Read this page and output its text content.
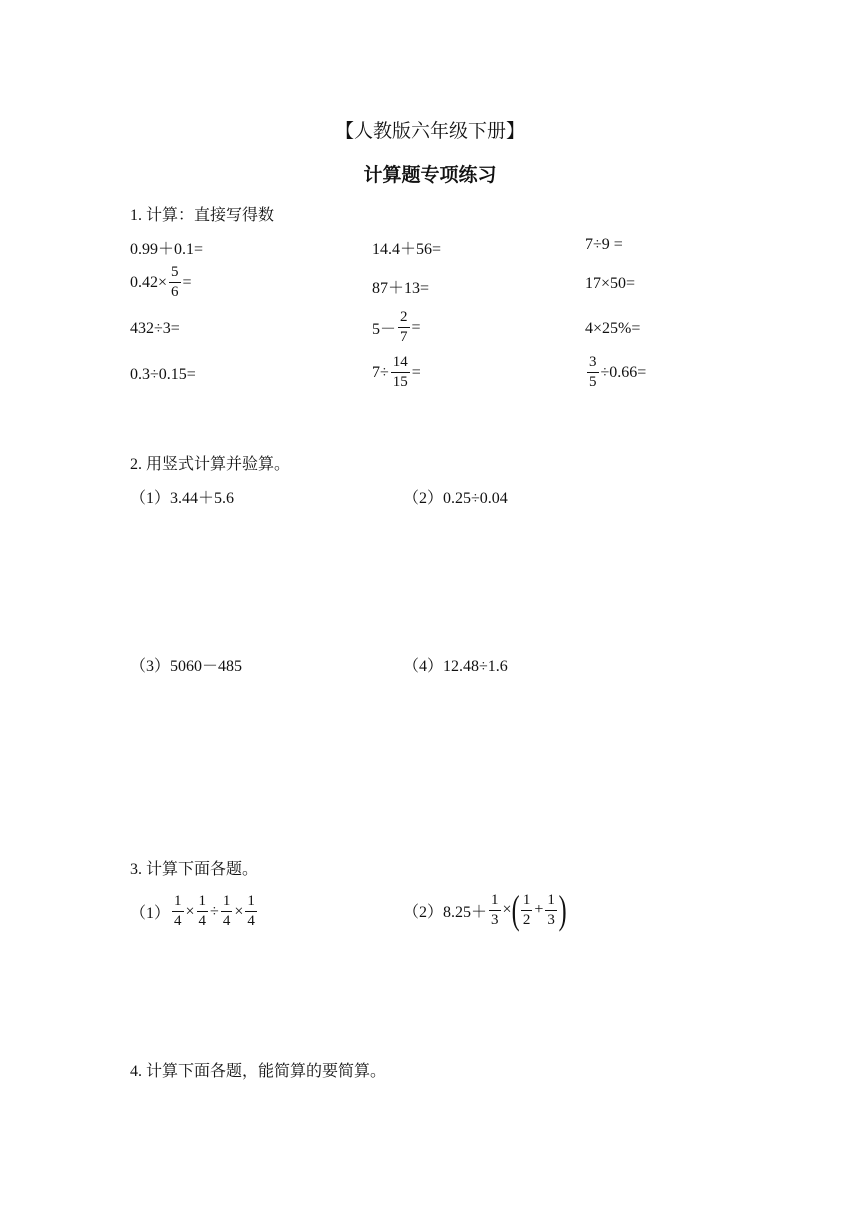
【人教版六年级下册】
计算题专项练习
1. 计算：直接写得数
0.99＋0.1=	14.4＋56=	7÷9 =
$0.42\times \frac{5}{6}$ =	87＋13=	17×50=
432÷3=	$5- \frac{2}{7}$ =	4×25%=
0.3÷0.15=	$7\div \frac{14}{15}$ =	$\frac{3}{5} \div 0.66=$
2. 用竖式计算并验算。
（1）3.44＋5.6	（2）0.25÷0.04
（3）5060－485	（4）12.48÷1.6
3. 计算下面各题。
$(1) \frac{1}{4} \times \frac{1}{4} \div \frac{1}{4} \times \frac{1}{4}$	（2） $8.25+ \frac{1}{3}$ × ( $\frac{1}{2} + \frac{1}{3}$ )
4. 计算下面各题，能简算的要简算。
